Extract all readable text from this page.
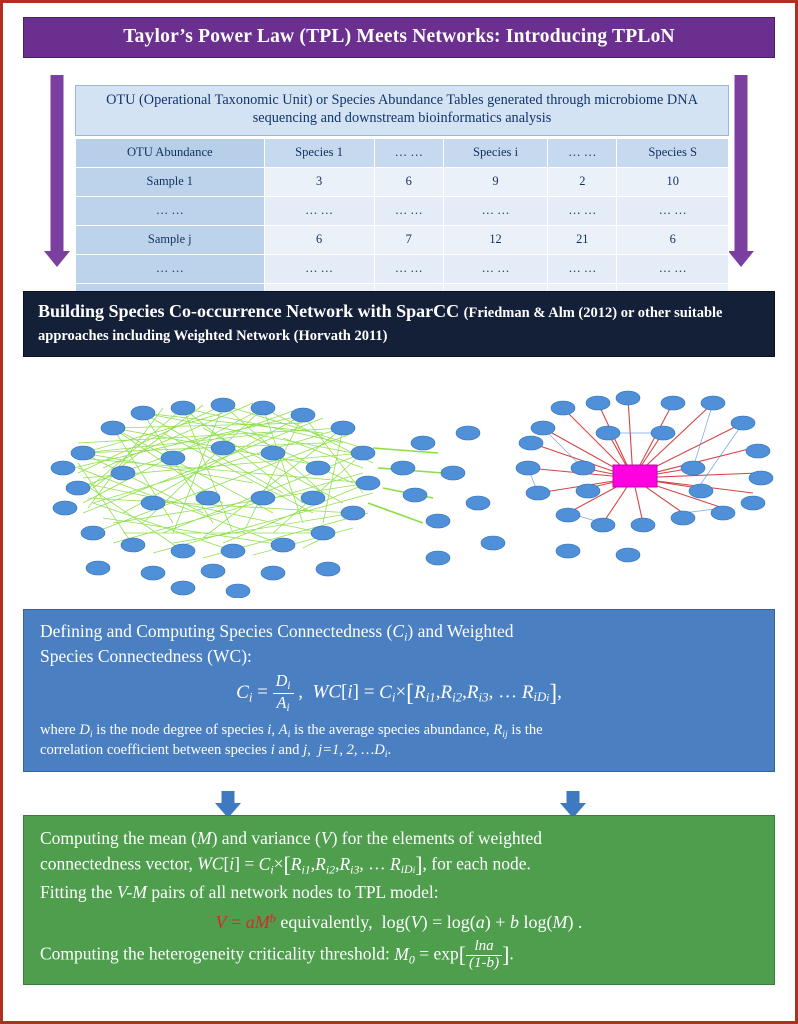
Taylor’s Power Law (TPL) Meets Networks: Introducing TPLoN
OTU (Operational Taxonomic Unit) or Species Abundance Tables generated through microbiome DNA sequencing and downstream bioinformatics analysis
OTU Abundance	Species 1	… …	Species i	… …	Species S
Sample 1	3	6	9	2	10
… …	… …	… …	… …	… …	… …
Sample j	6	7	12	21	6
… …	… …	… …	… …	… …	… …

Building Species Co-occurrence Network with SparCC (Friedman & Alm (2012) or other suitable approaches including Weighted Network (Horvath 2011)
Defining and Computing Species Connectedness $(C_i)$ and Weighted
Species Connectedness (WC):
$C_i = \frac{D_i}{A_i}$ ,  $WC[i] = C_i\times[R_{i1},R_{i2},R_{i3}$, … $R_{iDi}$],
where $D_i$ is the node degree of species i, $A_i$ is the average species abundance, $R_{ij}$ is the
correlation coefficient between species i and j,  j=1, 2, $\dots D_i$.
Computing the mean (M) and variance (V) for the elements of weighted
connectedness vector, $WC[i] = C_i\times[R_{i1},R_{i2},R_{i3}$, … $R_{iDi}$], for each node.
Fitting the V-M pairs of all network nodes to TPL model:
$V = aM^b$ equivalently,  log(V) = log(a) + b log(M) .
Computing the heterogeneity criticality threshold: $M_0 = \exp[ \frac{\ln a}{(1-b)}$ ].
